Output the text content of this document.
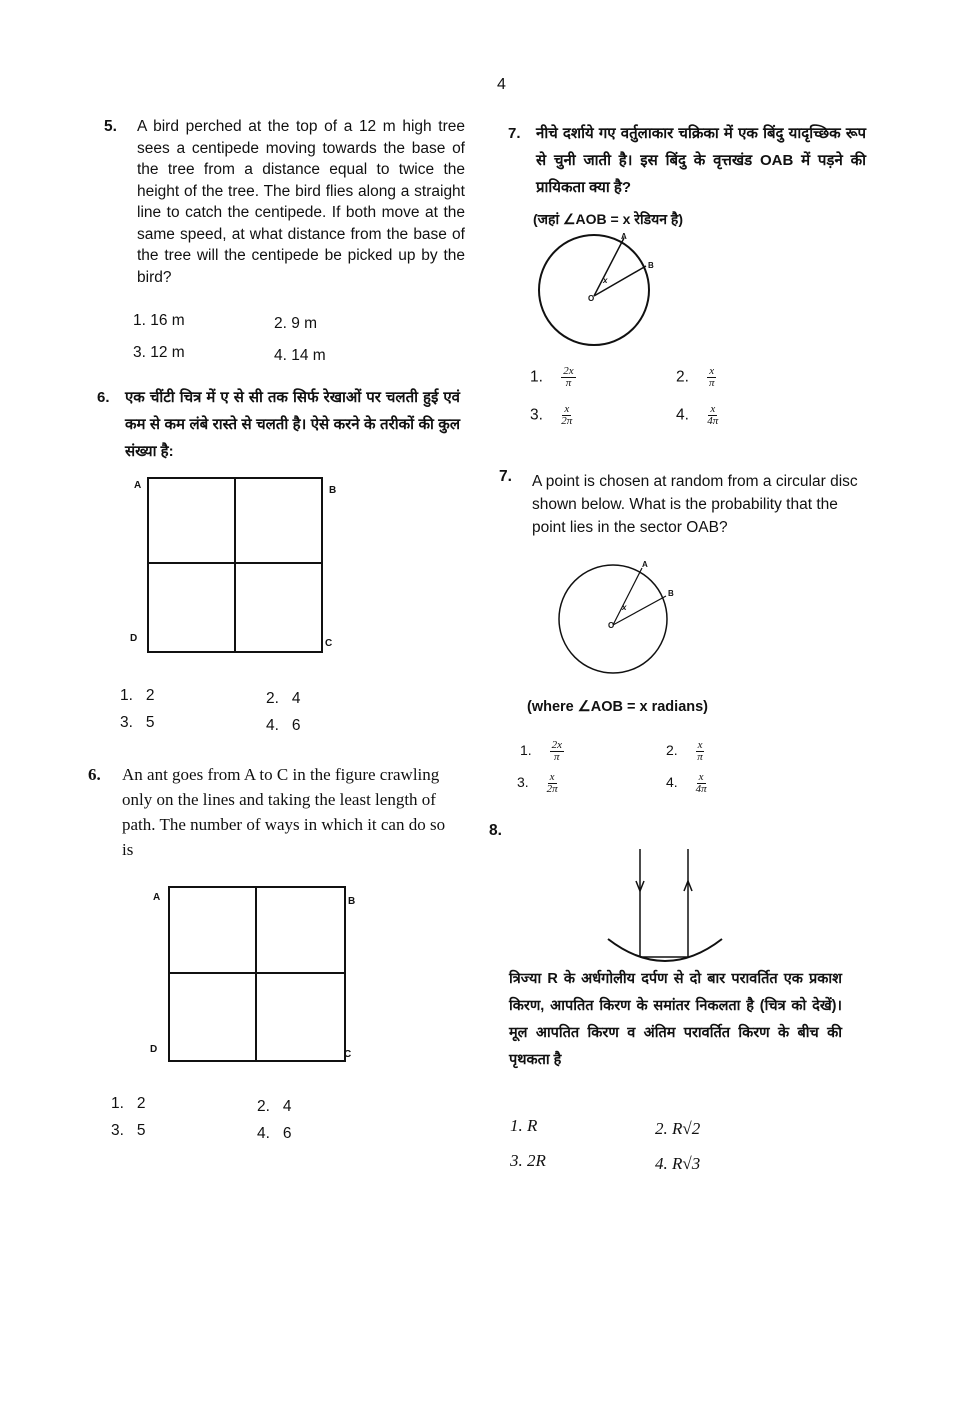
4
5. A bird perched at the top of a 12 m high tree sees a centipede moving towards the base of the tree from a distance equal to twice the height of the tree. The bird flies along a straight line to catch the centipede. If both move at the same speed, at what distance from the base of the tree will the centipede be picked up by the bird?
1. 16 m	2. 9 m
3. 12 m	4. 14 m
6. एक चींटी चित्र में ए से सी तक सिर्फ रेखाओं पर चलती हुई एवं कम से कम लंबे रास्ते से चलती है। ऐसे करने के तरीकों की कुल संख्या है:
A	B
C
D
1.   2	2.   4
3.   5	4.   6
6. An ant goes from A to C in the figure crawling only on the lines and taking the least length of path. The number of ways in which it can do so is
A	B
C
D
1.   2	2.   4
3.   5	4.   6
7. नीचे दर्शाये गए वर्तुलाकार चक्रिका में एक बिंदु यादृच्छिक रूप से चुनी जाती है। इस बिंदु के वृत्तखंड OAB में पड़ने की प्रायिकता क्या है?
(जहां ∠AOB = x रेडियन है)
A
B
O
x
1. $\frac{2x}{\pi}$	2. $\frac{x}{\pi}$
3. $\frac{x}{2\pi}$	4. $\frac{x}{4\pi}$
7. A point is chosen at random from a circular disc shown below. What is the probability that the point lies in the sector OAB?
A
B
O
x
(where ∠AOB = x radians)
1. $\frac{2x}{\pi}$	2. $\frac{x}{\pi}$
3. $\frac{x}{2\pi}$	4. $\frac{x}{4\pi}$
8.
त्रिज्या R के अर्धगोलीय दर्पण से दो बार परावर्तित एक प्रकाश किरण, आपतित किरण के समांतर निकलता है (चित्र को देखें)। मूल आपतित किरण व अंतिम परावर्तित किरण के बीच की पृथकता है
1. R	2. R√2
3. 2R	4. R√3
